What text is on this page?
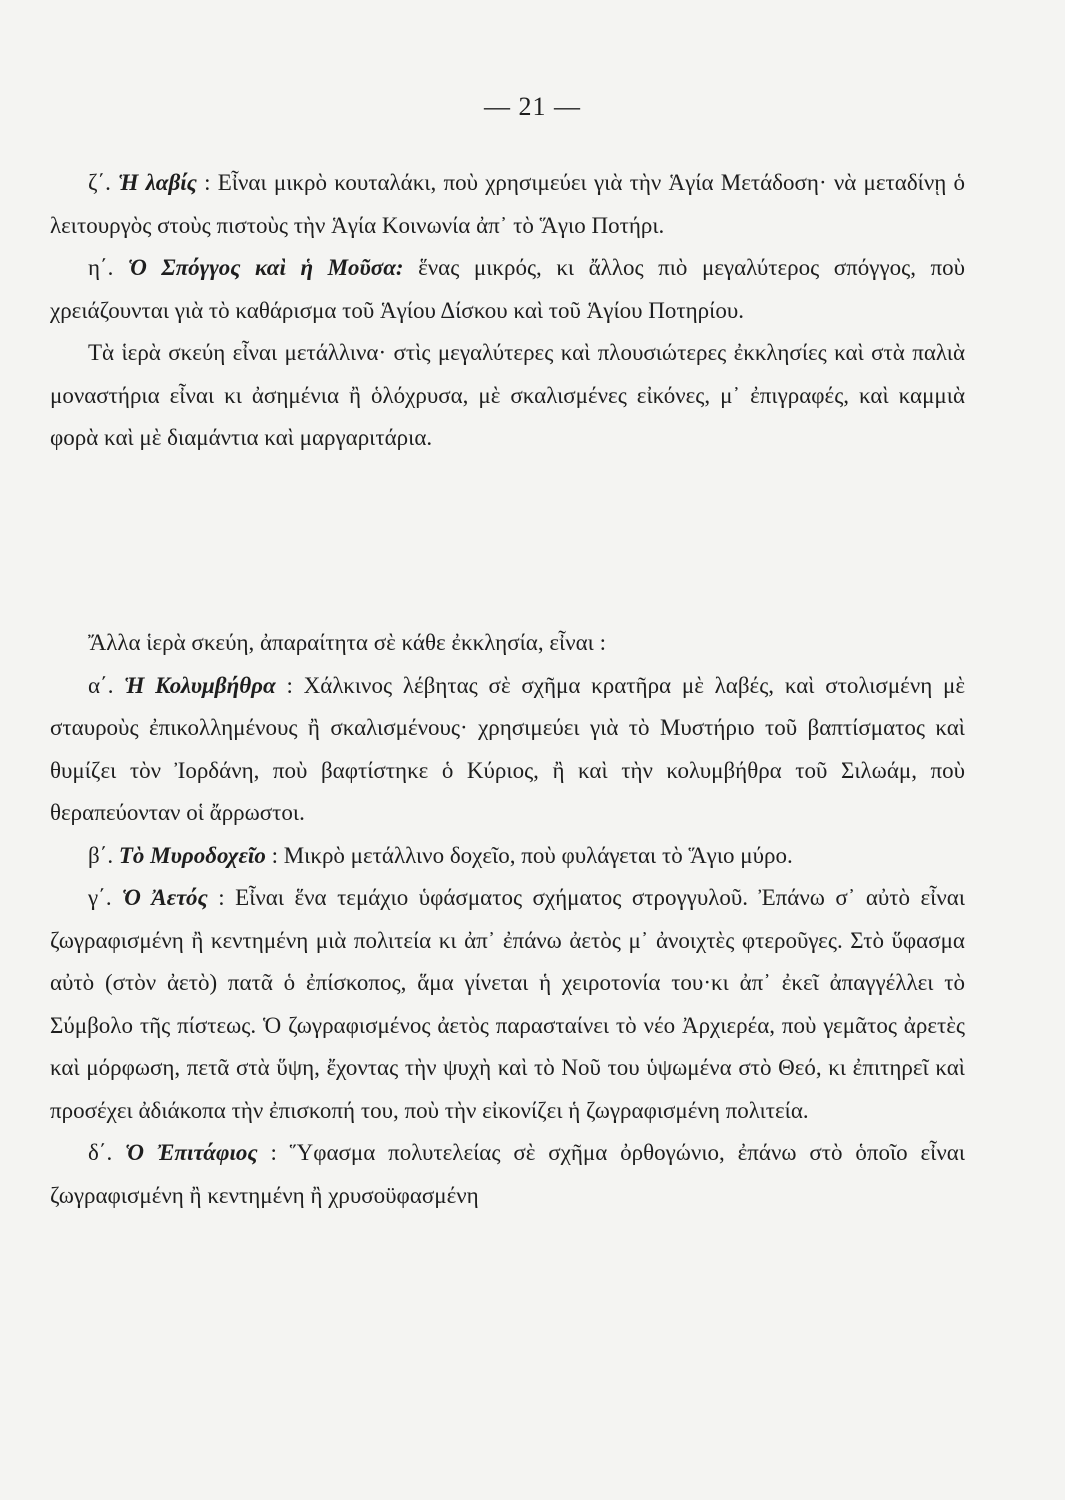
— 21 —

ζ΄. Ἡ λαβίς : Εἶναι μικρὸ κουταλάκι, ποὺ χρησιμεύει γιὰ τὴν Ἁγία Μετάδοση· νὰ μεταδίνῃ ὁ λειτουργὸς στοὺς πιστοὺς τὴν Ἁγία Κοινωνία ἀπ᾽ τὸ Ἅγιο Ποτήρι.

η΄. Ὁ Σπόγγος καὶ ἡ Μοῦσα: ἕνας μικρός, κι ἄλλος πιὸ μεγαλύτερος σπόγγος, ποὺ χρειάζουνται γιὰ τὸ καθάρισμα τοῦ Ἁγίου Δίσκου καὶ τοῦ Ἁγίου Ποτηρίου.

Τὰ ἱερὰ σκεύη εἶναι μετάλλινα· στὶς μεγαλύτερες καὶ πλουσιώτερες ἐκκλησίες καὶ στὰ παλιὰ μοναστήρια εἶναι κι ἀσημένια ἢ ὁλόχρυσα, μὲ σκαλισμένες εἰκόνες, μ᾽ ἐπιγραφές, καὶ καμμιὰ φορὰ καὶ μὲ διαμάντια καὶ μαργαριτάρια.

Ἄλλα ἱερὰ σκεύη, ἀπαραίτητα σὲ κάθε ἐκκλησία, εἶναι :

α΄. Ἡ Κολυμβήθρα : Χάλκινος λέβητας σὲ σχῆμα κρατῆρα μὲ λαβές, καὶ στολισμένη μὲ σταυροὺς ἐπικολλημένους ἢ σκαλισμένους· χρησιμεύει γιὰ τὸ Μυστήριο τοῦ βαπτίσματος καὶ θυμίζει τὸν Ἰορδάνη, ποὺ βαφτίστηκε ὁ Κύριος, ἢ καὶ τὴν κολυμβήθρα τοῦ Σιλωάμ, ποὺ θεραπεύονταν οἱ ἄρρωστοι.

β΄. Τὸ Μυροδοχεῖο : Μικρὸ μετάλλινο δοχεῖο, ποὺ φυλάγεται τὸ Ἅγιο μύρο.

γ΄. Ὁ Ἀετός : Εἶναι ἕνα τεμάχιο ὑφάσματος σχήματος στρογγυλοῦ. Ἐπάνω σ᾽ αὐτὸ εἶναι ζωγραφισμένη ἢ κεντημένη μιὰ πολιτεία κι ἀπ᾽ ἐπάνω ἀετὸς μ᾽ ἀνοιχτὲς φτεροῦγες. Στὸ ὕφασμα αὐτὸ (στὸν ἀετὸ) πατᾶ ὁ ἐπίσκοπος, ἅμα γίνεται ἡ χειροτονία του·κι ἀπ᾽ ἐκεῖ ἀπαγγέλλει τὸ Σύμβολο τῆς πίστεως. Ὁ ζωγραφισμένος ἀετὸς παρασταίνει τὸ νέο Ἀρχιερέα, ποὺ γεμᾶτος ἀρετὲς καὶ μόρφωση, πετᾶ στὰ ὕψη, ἔχοντας τὴν ψυχὴ καὶ τὸ Νοῦ του ὑψωμένα στὸ Θεό, κι ἐπιτηρεῖ καὶ προσέχει ἀδιάκοπα τὴν ἐπισκοπή του, ποὺ τὴν εἰκονίζει ἡ ζωγραφισμένη πολιτεία.

δ΄. Ὁ Ἐπιτάφιος : Ὕφασμα πολυτελείας σὲ σχῆμα ὀρθογώνιο, ἐπάνω στὸ ὁποῖο εἶναι ζωγραφισμένη ἢ κεντημένη ἢ χρυσοϋφασμένη
